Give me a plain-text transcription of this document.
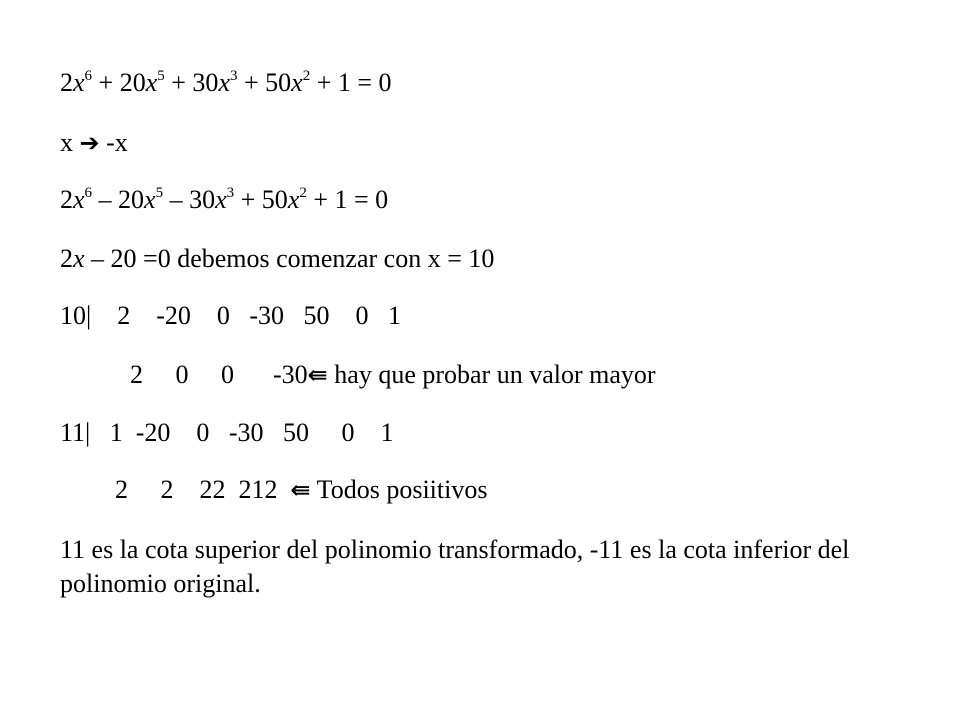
$2x^6 + 20x^5 + 30x^3 + 50x^2 + 1 = 0$
x ➔ -x
$2x^6 - 20x^5 - 30x^3 + 50x^2 + 1 = 0$
2x – 20 =0 debemos comenzar con x = 10
10|    2    -20    0   -30   50    0   1
2     0     0      -30⇚ hay que probar un valor mayor
11|   1  -20    0   -30   50     0    1
2     2    22  212  ⇚ Todos posiitivos
11 es la cota superior del polinomio transformado, -11 es la cota inferior del polinomio original.
